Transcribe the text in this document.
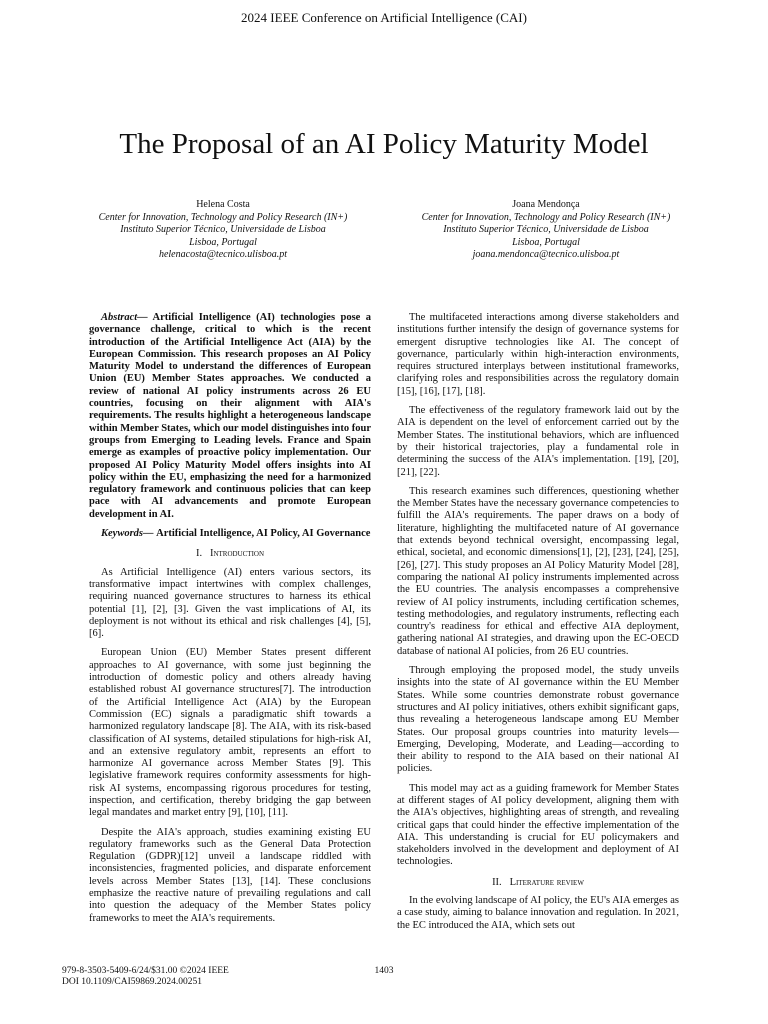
2024 IEEE Conference on Artificial Intelligence (CAI)
The Proposal of an AI Policy Maturity Model
Helena Costa
Center for Innovation, Technology and Policy Research (IN+)
Instituto Superior Técnico, Universidade de Lisboa
Lisboa, Portugal
helenacosta@tecnico.ulisboa.pt
Joana Mendonça
Center for Innovation, Technology and Policy Research (IN+)
Instituto Superior Técnico, Universidade de Lisboa
Lisboa, Portugal
joana.mendonca@tecnico.ulisboa.pt

Abstract— Artificial Intelligence (AI) technologies pose a governance challenge, critical to which is the recent introduction of the Artificial Intelligence Act (AIA) by the European Commission. This research proposes an AI Policy Maturity Model to understand the differences of European Union (EU) Member States approaches. We conducted a review of national AI policy instruments across 26 EU countries, focusing on their alignment with AIA's requirements. The results highlight a heterogeneous landscape within Member States, which our model distinguishes into four groups from Emerging to Leading levels. France and Spain emerge as examples of proactive policy implementation. Our proposed AI Policy Maturity Model offers insights into AI policy within the EU, emphasizing the need for a harmonized regulatory framework and continuous policies that can keep pace with AI advancements and promote European development in AI.

Keywords— Artificial Intelligence, AI Policy, AI Governance

I. Introduction

As Artificial Intelligence (AI) enters various sectors, its transformative impact intertwines with complex challenges, requiring nuanced governance structures to harness its ethical potential [1], [2], [3]. Given the vast implications of AI, its deployment is not without its ethical and risk challenges [4], [5], [6].

European Union (EU) Member States present different approaches to AI governance, with some just beginning the introduction of domestic policy and others already having established robust AI governance structures[7]. The introduction of the Artificial Intelligence Act (AIA) by the European Commission (EC) signals a paradigmatic shift towards a harmonized regulatory landscape [8]. The AIA, with its risk-based classification of AI systems, detailed stipulations for high-risk AI, and an extensive regulatory ambit, represents an effort to harmonize AI governance across Member States [9]. This legislative framework requires conformity assessments for high-risk AI systems, encompassing rigorous procedures for testing, inspection, and certification, thereby bridging the gap between legal mandates and market entry [9], [10], [11].

Despite the AIA's approach, studies examining existing EU regulatory frameworks such as the General Data Protection Regulation (GDPR)[12] unveil a landscape riddled with inconsistencies, fragmented policies, and disparate enforcement levels across Member States [13], [14]. These conclusions emphasize the reactive nature of prevailing regulations and call into question the adequacy of the Member States policy frameworks to meet the AIA's requirements.

The multifaceted interactions among diverse stakeholders and institutions further intensify the design of governance systems for emergent disruptive technologies like AI. The concept of governance, particularly within high-interaction environments, requires structured interplays between institutional frameworks, clarifying roles and responsibilities across the regulatory domain [15], [16], [17], [18].

The effectiveness of the regulatory framework laid out by the AIA is dependent on the level of enforcement carried out by the Member States. The institutional behaviors, which are influenced by their historical trajectories, play a fundamental role in determining the success of the AIA's implementation. [19], [20], [21], [22].

This research examines such differences, questioning whether the Member States have the necessary governance competencies to fulfill the AIA's requirements. The paper draws on a body of literature, highlighting the multifaceted nature of AI governance that extends beyond technical oversight, encompassing legal, ethical, societal, and economic dimensions[1], [2], [23], [24], [25], [26], [27]. This study proposes an AI Policy Maturity Model [28], comparing the national AI policy instruments implemented across the EU countries. The analysis encompasses a comprehensive review of AI policy instruments, including certification schemes, testing methodologies, and regulatory instruments, reflecting each country's readiness for ethical and effective AIA deployment, gathering national AI strategies, and drawing upon the EC-OECD database of national AI policies, from 26 EU countries.

Through employing the proposed model, the study unveils insights into the state of AI governance within the EU Member States. While some countries demonstrate robust governance structures and AI policy initiatives, others exhibit significant gaps, thus revealing a heterogeneous landscape among EU Member States. Our proposal groups countries into maturity levels—Emerging, Developing, Moderate, and Leading—according to their ability to respond to the AIA based on their national AI policies.

This model may act as a guiding framework for Member States at different stages of AI policy development, aligning them with the AIA's objectives, highlighting areas of strength, and revealing critical gaps that could hinder the effective implementation of the AIA. This understanding is crucial for EU policymakers and stakeholders involved in the development and deployment of AI technologies.

II. Literature review

In the evolving landscape of AI policy, the EU's AIA emerges as a case study, aiming to balance innovation and regulation. In 2021, the EC introduced the AIA, which sets out

979-8-3503-5409-6/24/$31.00 ©2024 IEEE
DOI 10.1109/CAI59869.2024.00251
1403
